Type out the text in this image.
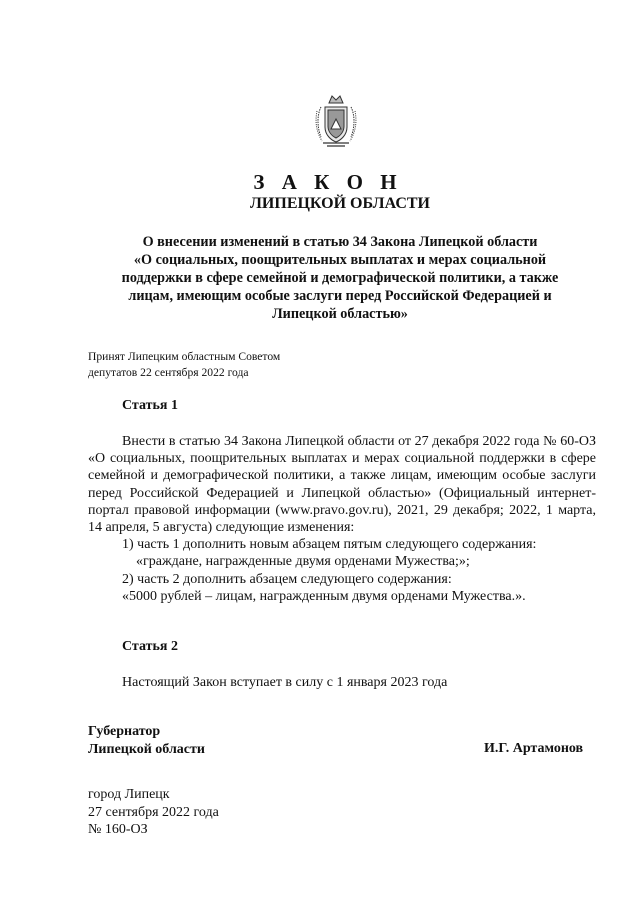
З А К О Н
ЛИПЕЦКОЙ ОБЛАСТИ
О внесении изменений в статью 34 Закона Липецкой области
«О социальных, поощрительных выплатах и мерах социальной
поддержки в сфере семейной и демографической политики, а также
лицам, имеющим особые заслуги перед Российской Федерацией и
Липецкой областью»
Принят Липецким областным Советом
депутатов 22 сентября 2022 года
Статья 1

Внести в статью 34 Закона Липецкой области от 27 декабря 2022 года № 60-ОЗ «О социальных, поощрительных выплатах и мерах социальной поддержки в сфере семейной и демографической политики, а также лицам, имеющим особые заслуги перед Российской Федерацией и Липецкой областью» (Официальный интернет-портал правовой информации (www.pravo.gov.ru), 2021, 29 декабря; 2022, 1 марта, 14 апреля, 5 августа) следующие изменения:

1) часть 1 дополнить новым абзацем пятым следующего содержания:

«граждане, награжденные двумя орденами Мужества;»;

2) часть 2 дополнить абзацем следующего содержания:

«5000 рублей – лицам, награжденным двумя орденами Мужества.».

Статья 2

Настоящий Закон вступает в силу с 1 января 2023 года

Губернатор
Липецкой области	И.Г. Артамонов
город Липецк
27 сентября 2022 года
№ 160-ОЗ
